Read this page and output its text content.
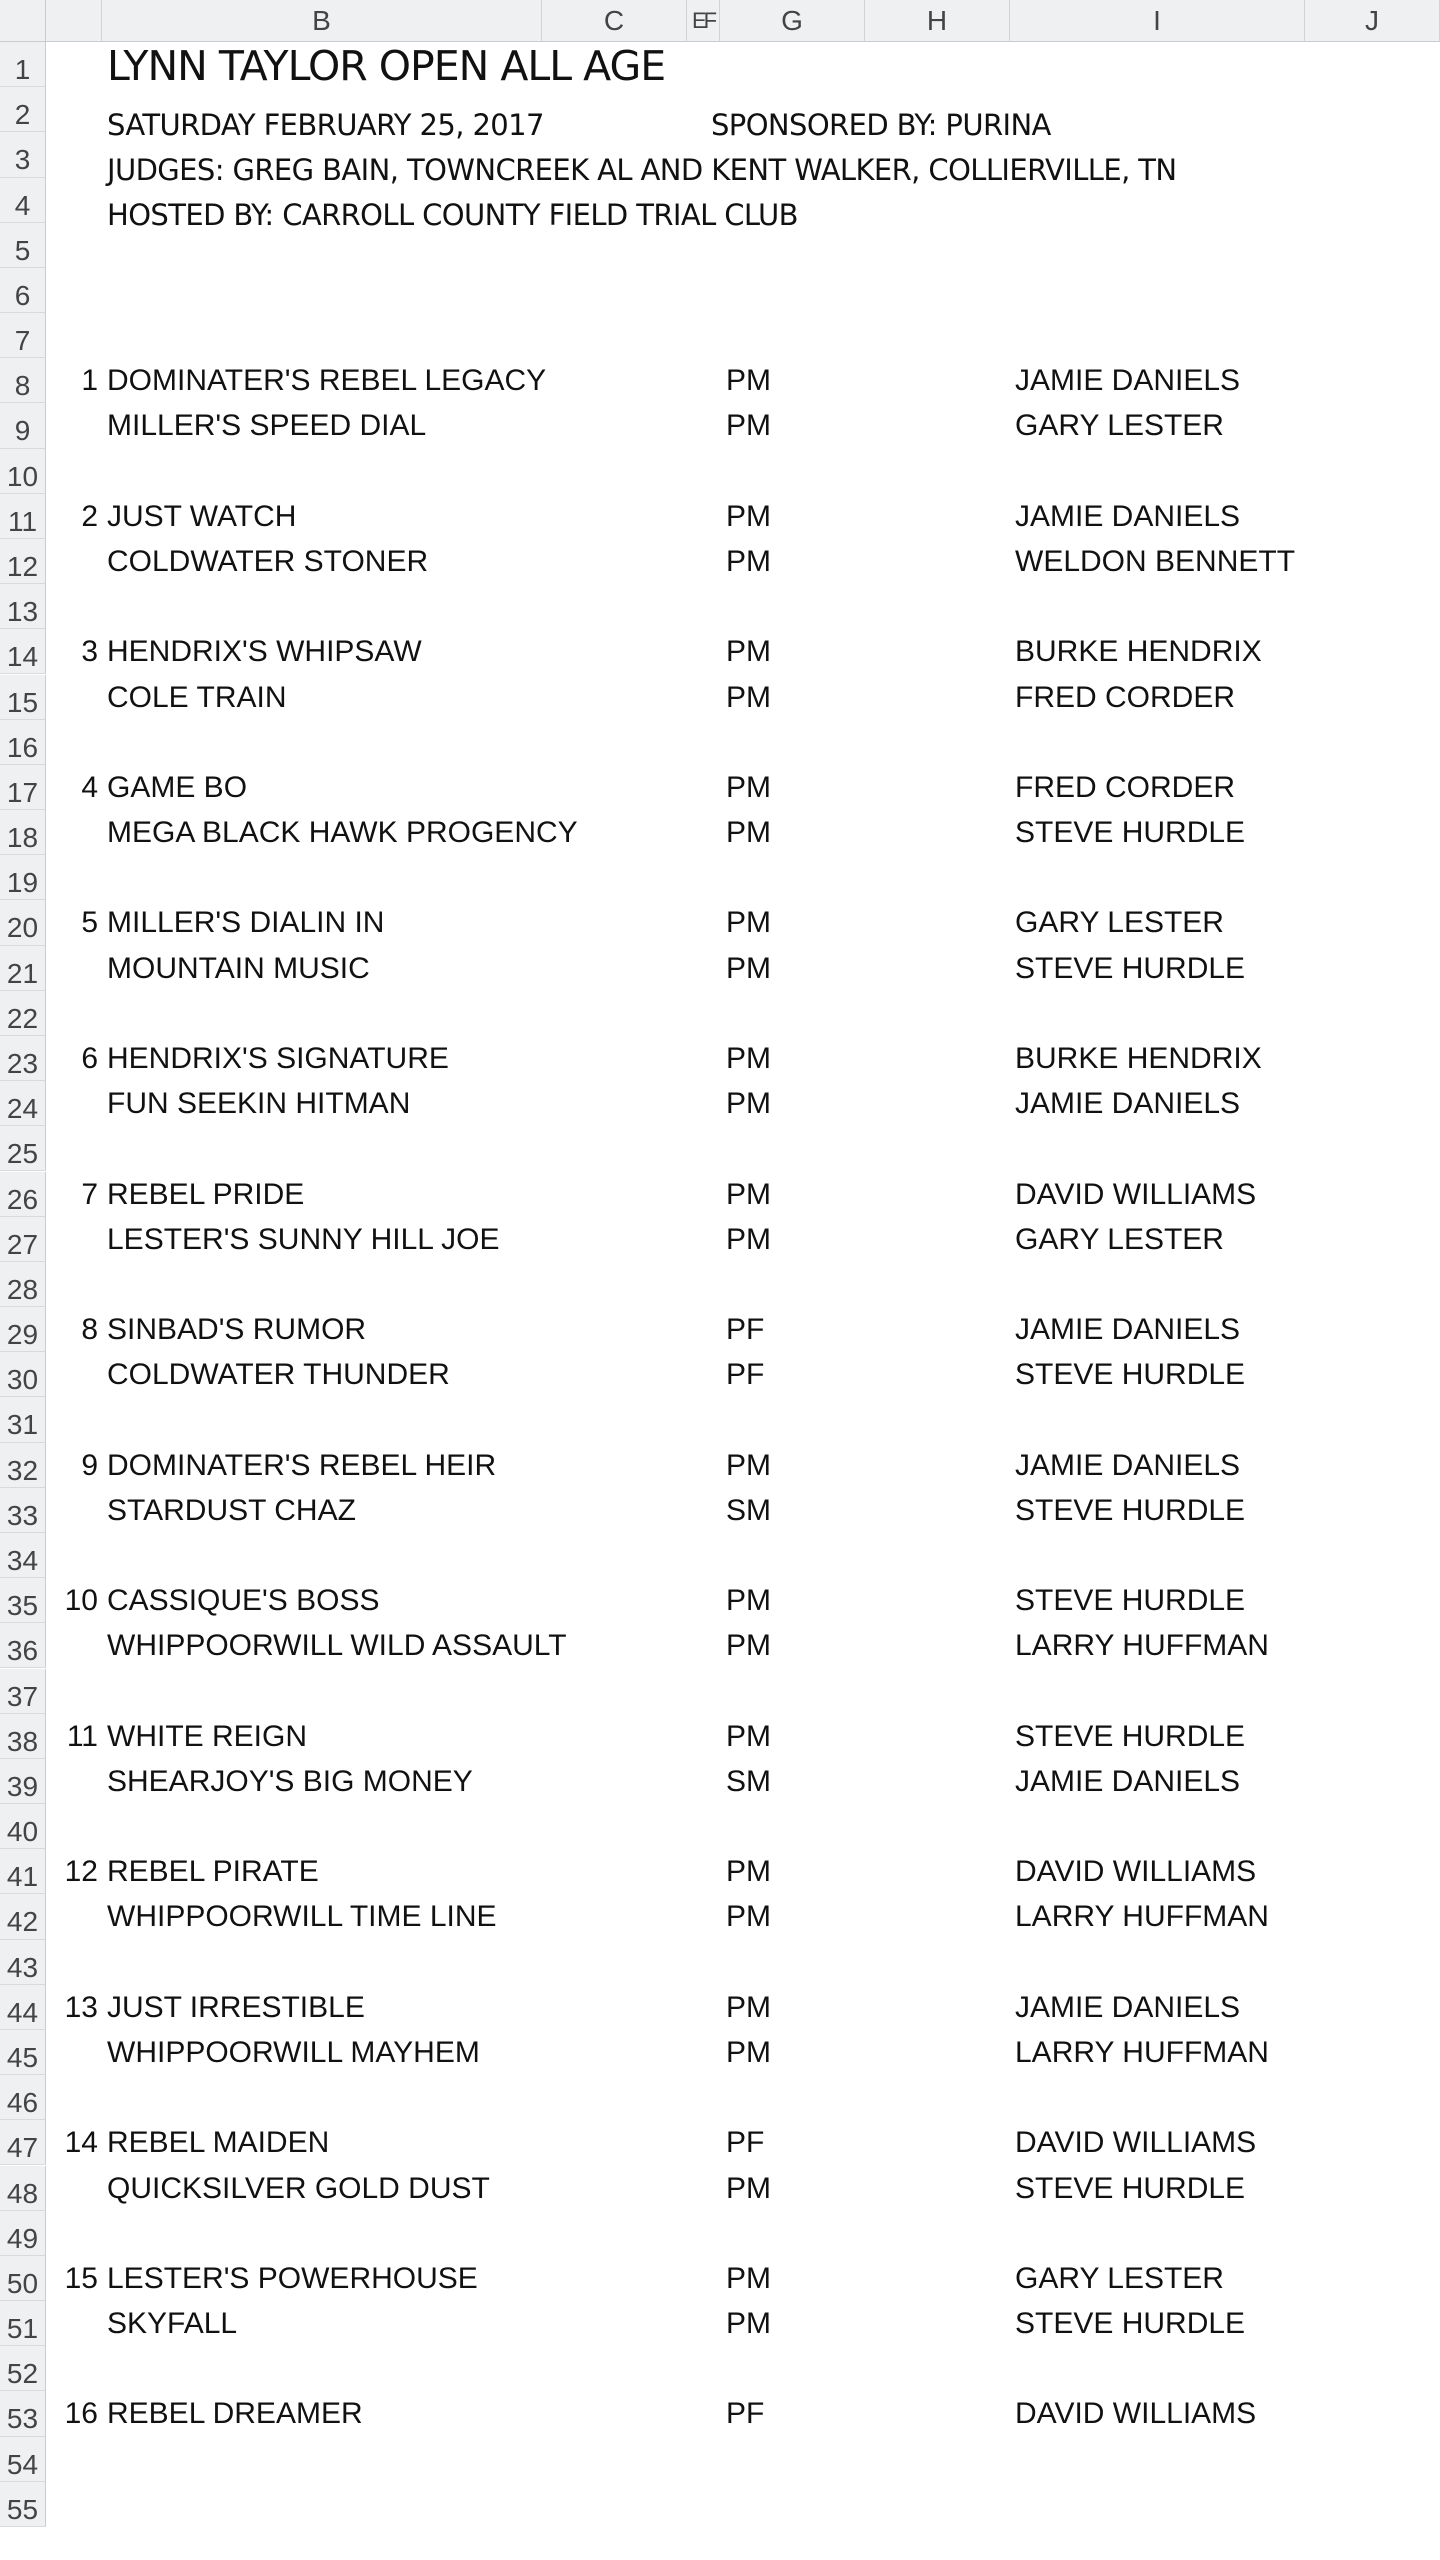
B	C	EF	G	H	I	J
1
2
3
4
5
6
7
8
9
10
11
12
13
14
15
16
17
18
19
20
21
22
23
24
25
26
27
28
29
30
31
32
33
34
35
36
37
38
39
40
41
42
43
44
45
46
47
48
49
50
51
52
53
54
55
LYNN TAYLOR OPEN ALL AGE
SATURDAY FEBRUARY 25, 2017	SPONSORED BY: PURINA
JUDGES: GREG BAIN, TOWNCREEK AL AND KENT WALKER, COLLIERVILLE, TN
HOSTED BY: CARROLL COUNTY FIELD TRIAL CLUB
1 DOMINATER'S REBEL LEGACY	PM	JAMIE DANIELS
MILLER'S SPEED DIAL	PM	GARY LESTER
2 JUST WATCH	PM	JAMIE DANIELS
COLDWATER STONER	PM	WELDON BENNETT
3 HENDRIX'S WHIPSAW	PM	BURKE HENDRIX
COLE TRAIN	PM	FRED CORDER
4 GAME BO	PM	FRED CORDER
MEGA BLACK HAWK PROGENCY	PM	STEVE HURDLE
5 MILLER'S DIALIN IN	PM	GARY LESTER
MOUNTAIN MUSIC	PM	STEVE HURDLE
6 HENDRIX'S SIGNATURE	PM	BURKE HENDRIX
FUN SEEKIN HITMAN	PM	JAMIE DANIELS
7 REBEL PRIDE	PM	DAVID WILLIAMS
LESTER'S SUNNY HILL JOE	PM	GARY LESTER
8 SINBAD'S RUMOR	PF	JAMIE DANIELS
COLDWATER THUNDER	PF	STEVE HURDLE
9 DOMINATER'S REBEL HEIR	PM	JAMIE DANIELS
STARDUST CHAZ	SM	STEVE HURDLE
10 CASSIQUE'S BOSS	PM	STEVE HURDLE
WHIPPOORWILL WILD ASSAULT	PM	LARRY HUFFMAN
11 WHITE REIGN	PM	STEVE HURDLE
SHEARJOY'S BIG MONEY	SM	JAMIE DANIELS
12 REBEL PIRATE	PM	DAVID WILLIAMS
WHIPPOORWILL TIME LINE	PM	LARRY HUFFMAN
13 JUST IRRESTIBLE	PM	JAMIE DANIELS
WHIPPOORWILL MAYHEM	PM	LARRY HUFFMAN
14 REBEL MAIDEN	PF	DAVID WILLIAMS
QUICKSILVER GOLD DUST	PM	STEVE HURDLE
15 LESTER'S POWERHOUSE	PM	GARY LESTER
SKYFALL	PM	STEVE HURDLE
16 REBEL DREAMER	PF	DAVID WILLIAMS
